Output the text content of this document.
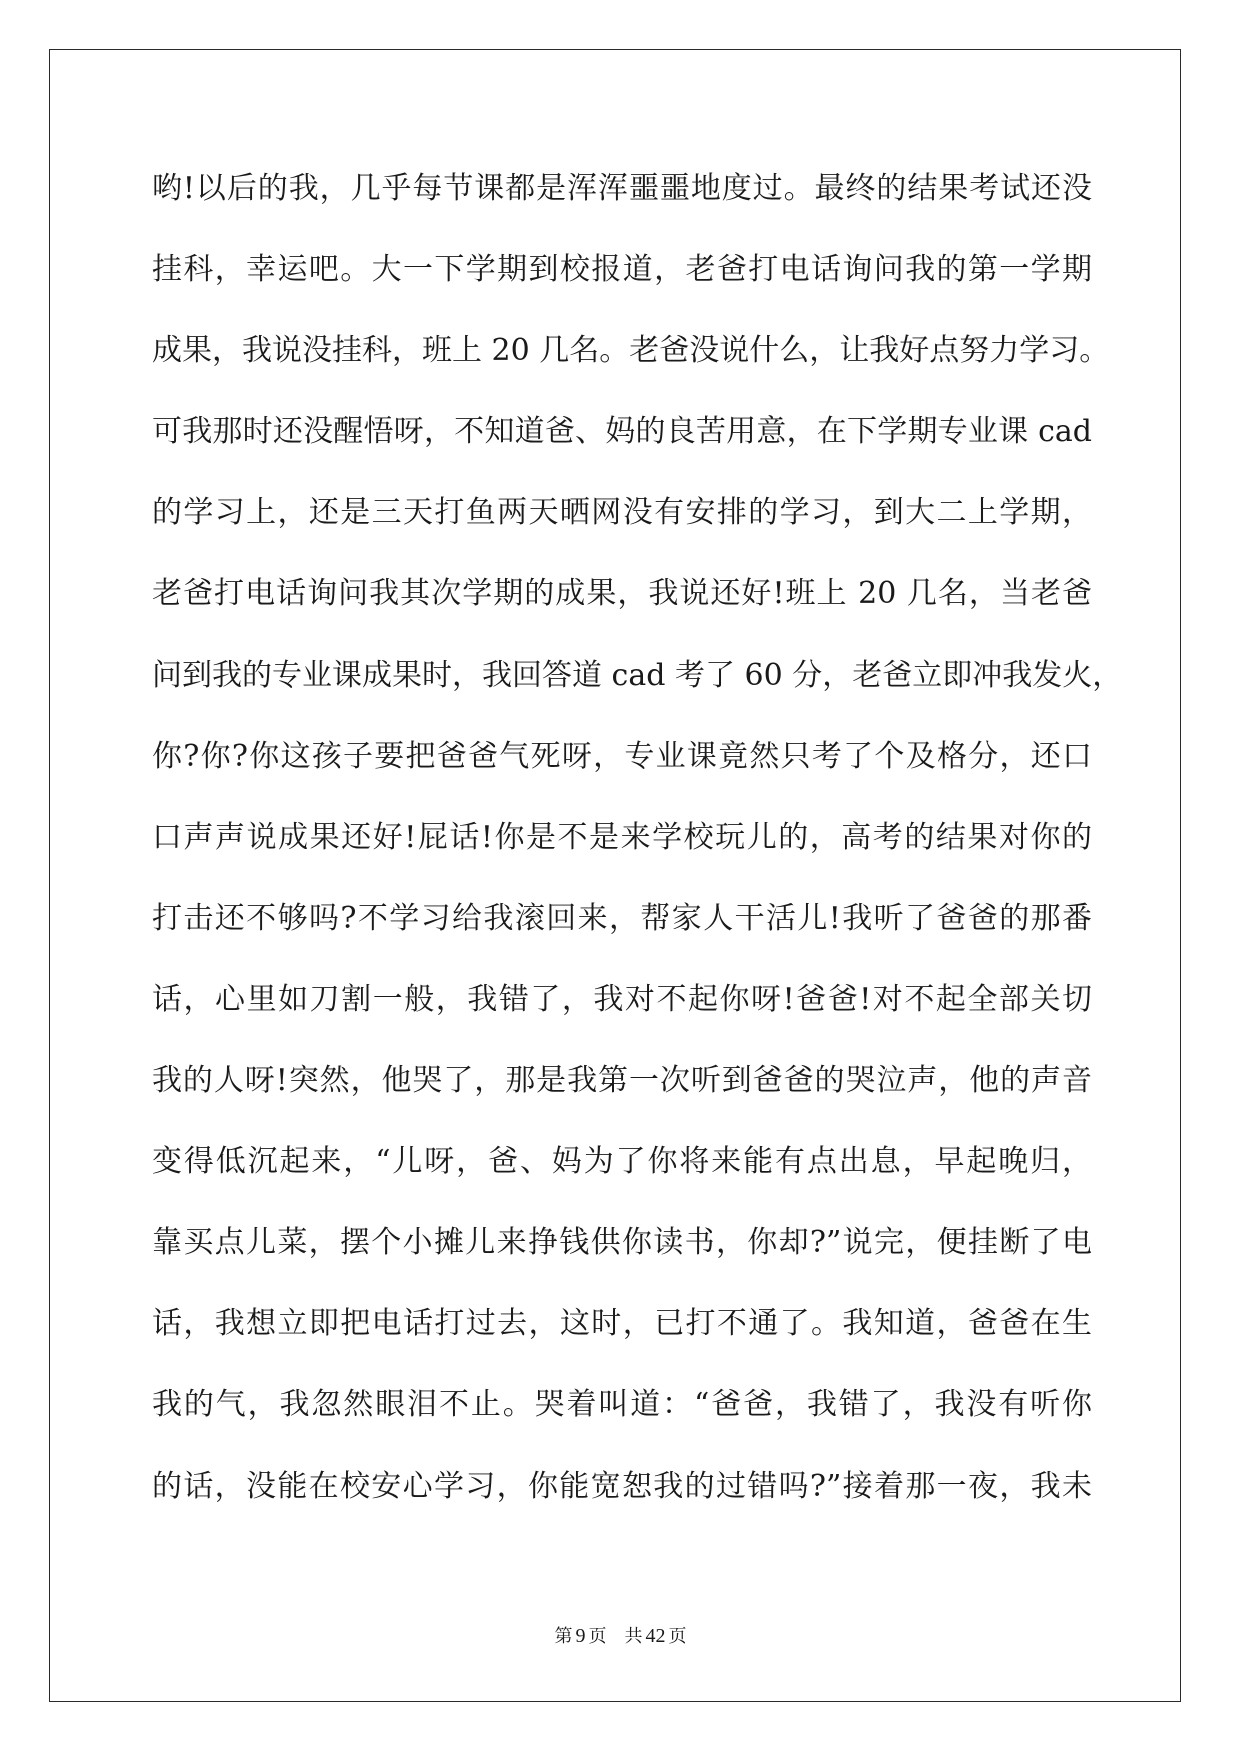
哟!以后的我，几乎每节课都是浑浑噩噩地度过。最终的结果考试还没
挂科，幸运吧。大一下学期到校报道，老爸打电话询问我的第一学期
成果，我说没挂科，班上 20 几名。老爸没说什么，让我好点努力学习。
可我那时还没醒悟呀，不知道爸、妈的良苦用意，在下学期专业课 cad
的学习上，还是三天打鱼两天晒网没有安排的学习，到大二上学期，
老爸打电话询问我其次学期的成果，我说还好!班上 20 几名，当老爸
问到我的专业课成果时，我回答道 cad 考了 60 分，老爸立即冲我发火，
你?你?你这孩子要把爸爸气死呀，专业课竟然只考了个及格分，还口
口声声说成果还好!屁话!你是不是来学校玩儿的，高考的结果对你的
打击还不够吗?不学习给我滚回来，帮家人干活儿!我听了爸爸的那番
话，心里如刀割一般，我错了，我对不起你呀!爸爸!对不起全部关切
我的人呀!突然，他哭了，那是我第一次听到爸爸的哭泣声，他的声音
变得低沉起来，“儿呀，爸、妈为了你将来能有点出息，早起晚归，
靠买点儿菜，摆个小摊儿来挣钱供你读书，你却?”说完，便挂断了电
话，我想立即把电话打过去，这时，已打不通了。我知道，爸爸在生
我的气，我忽然眼泪不止。哭着叫道：“爸爸，我错了，我没有听你
的话，没能在校安心学习，你能宽恕我的过错吗?”接着那一夜，我未
第 9 页 共 42 页
